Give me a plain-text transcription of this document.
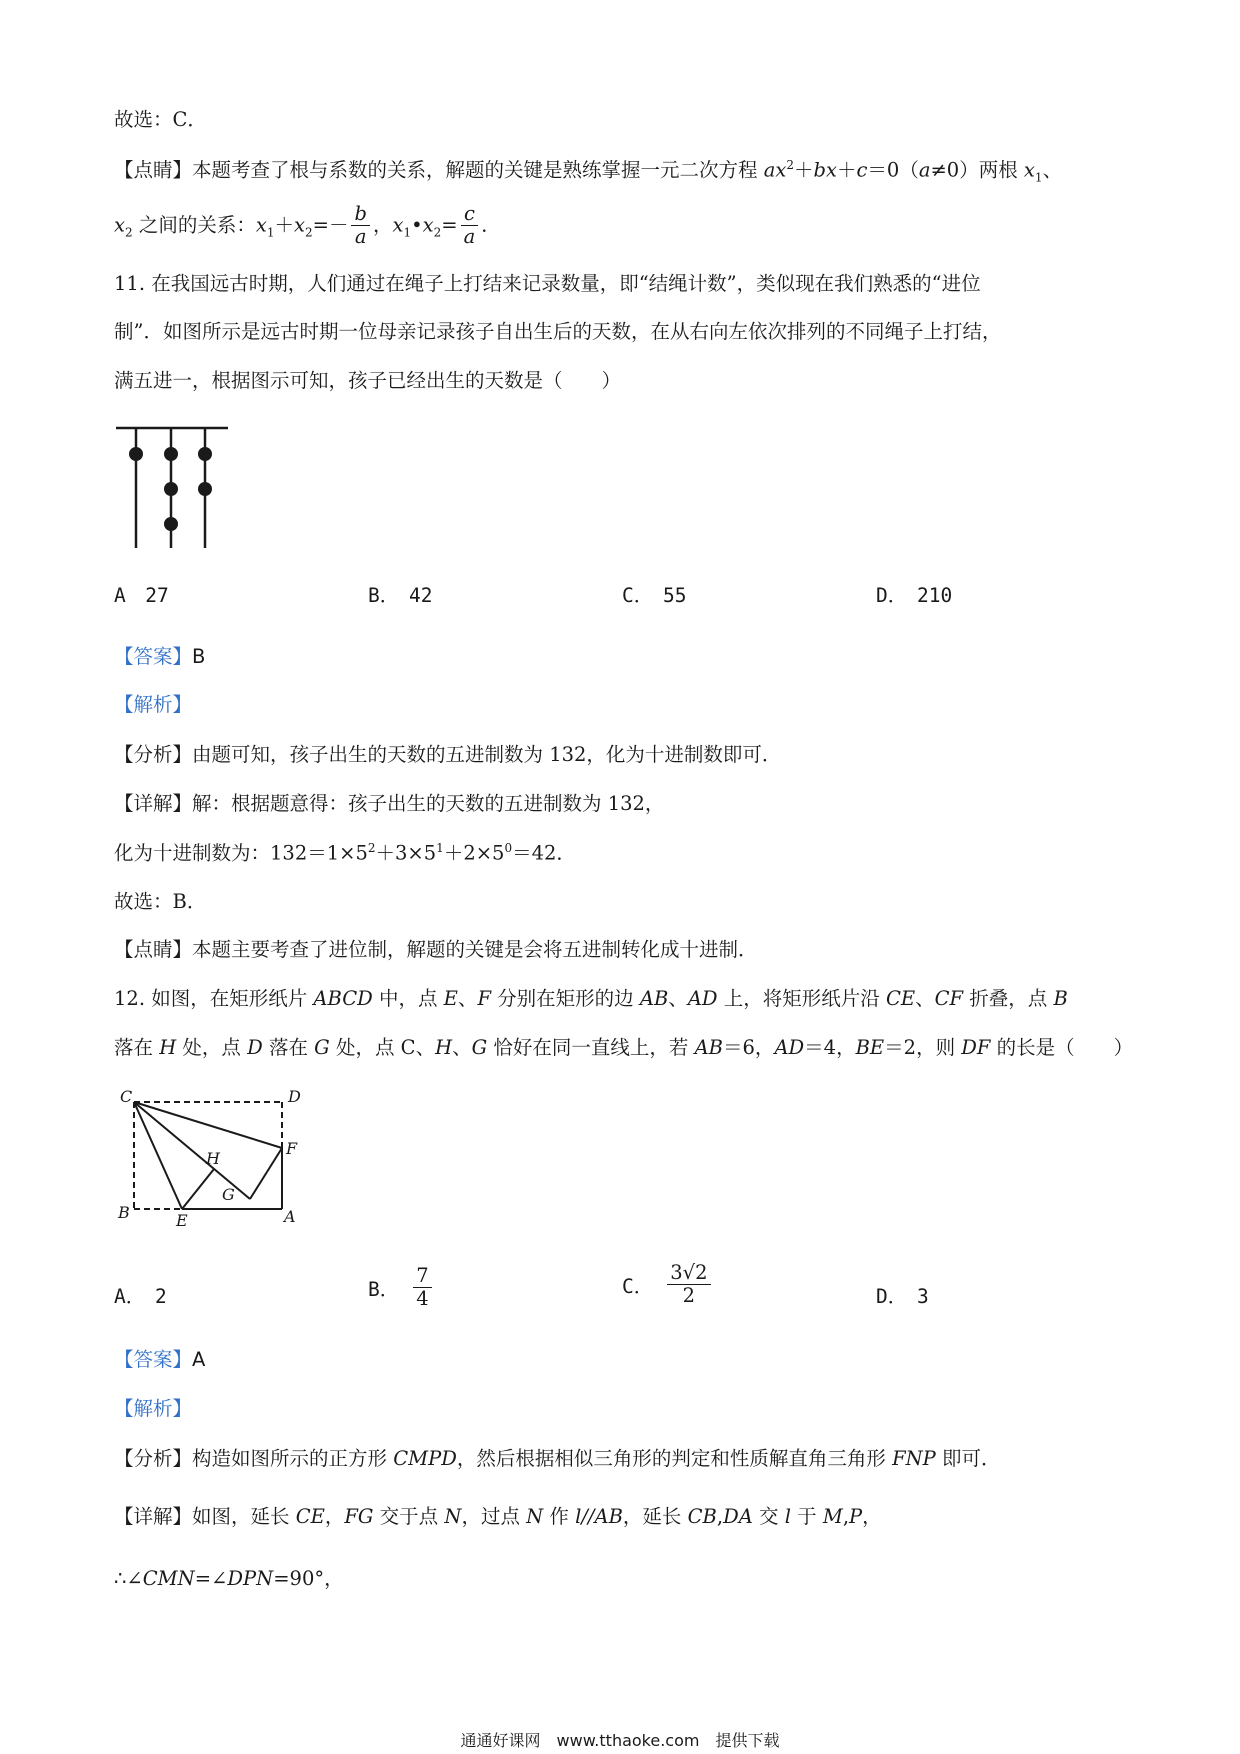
故选：C．
【点睛】本题考查了根与系数的关系，解题的关键是熟练掌握一元二次方程 $ax^2+bx+c=0(a\ne 0)$两根 $x_1$、
$x_2$ 之间的关系：$x_1+x_2=- \frac{b}{a}$ ，$x_1•x_2= \frac{c}{a}$ ．
11. 在我国远古时期，人们通过在绳子上打结来记录数量，即“结绳计数”，类似现在我们熟悉的“进位
制”．如图所示是远古时期一位母亲记录孩子自出生后的天数，在从右向左依次排列的不同绳子上打结，
满五进一，根据图示可知，孩子已经出生的天数是（　　）
A　27	B．　42	C．　55	D．　210
【答案】B
【解析】
【分析】由题可知，孩子出生的天数的五进制数为 132，化为十进制数即可．
【详解】解：根据题意得：孩子出生的天数的五进制数为 132，
化为十进制数为：$132=1\times 5^2+3\times 5^1+2\times 5^0=42$．
故选：B．
【点睛】本题主要考查了进位制，解题的关键是会将五进制转化成十进制．
12. 如图，在矩形纸片 ABCD 中，点 E、F 分别在矩形的边 AB、AD 上，将矩形纸片沿 CE、CF 折叠，点 B
落在 H 处，点 D 落在 G 处，点 C、H、G 恰好在同一直线上，若 AB＝6，AD＝4，BE＝2，则 DF 的长是（　　）
C	D
H
F
G
B	E	A
A．　2	B． $\frac{7}{4}$	C． $\frac{3√2}{2}$	D．　3
【答案】A
【解析】
【分析】构造如图所示的正方形 CMPD，然后根据相似三角形的判定和性质解直角三角形 FNP 即可．
【详解】如图，延长 CE，FG 交于点 N，过点 N 作 l//AB，延长 CB,DA 交 l 于 M,P，
∴∠CMN=∠DPN=90°，
通通好课网　www.tthaoke.com　提供下载
